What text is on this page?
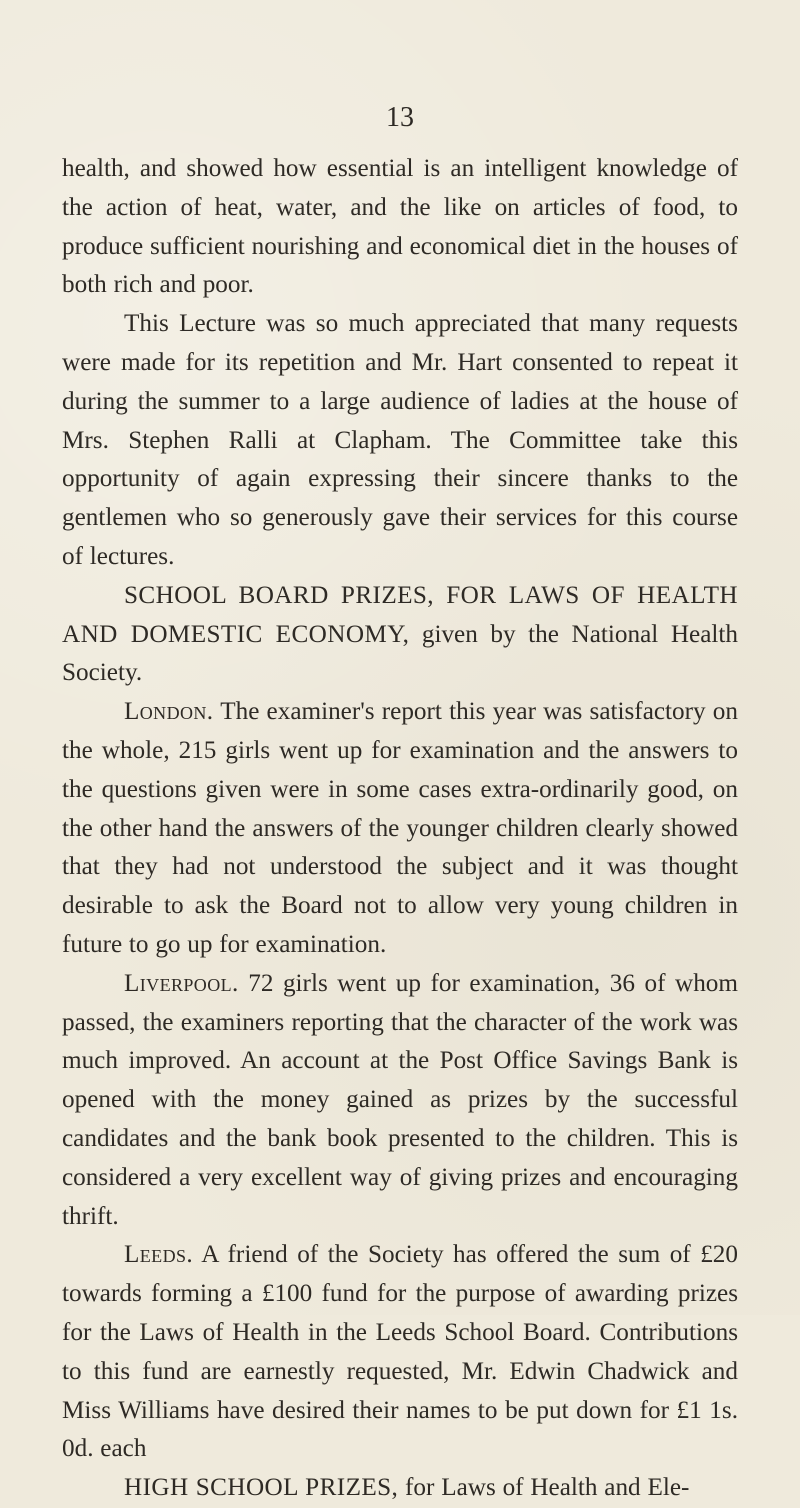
13

health, and showed how essential is an intelligent knowledge of the action of heat, water, and the like on articles of food, to produce sufficient nourishing and economical diet in the houses of both rich and poor.

This Lecture was so much appreciated that many requests were made for its repetition and Mr. Hart consented to repeat it during the summer to a large audience of ladies at the house of Mrs. Stephen Ralli at Clapham. The Committee take this opportunity of again expressing their sincere thanks to the gentlemen who so generously gave their services for this course of lectures.

SCHOOL BOARD PRIZES, FOR LAWS OF HEALTH AND DOMESTIC ECONOMY, given by the National Health Society.

London. The examiner's report this year was satisfactory on the whole, 215 girls went up for examination and the answers to the questions given were in some cases extra-ordinarily good, on the other hand the answers of the younger children clearly showed that they had not understood the subject and it was thought desirable to ask the Board not to allow very young children in future to go up for examination.

Liverpool. 72 girls went up for examination, 36 of whom passed, the examiners reporting that the character of the work was much improved. An account at the Post Office Savings Bank is opened with the money gained as prizes by the successful candidates and the bank book presented to the children. This is considered a very excellent way of giving prizes and encouraging thrift.

Leeds. A friend of the Society has offered the sum of £20 towards forming a £100 fund for the purpose of awarding prizes for the Laws of Health in the Leeds School Board. Contributions to this fund are earnestly requested, Mr. Edwin Chadwick and Miss Williams have desired their names to be put down for £1 1s. 0d. each

HIGH SCHOOL PRIZES, for Laws of Health and Ele-
